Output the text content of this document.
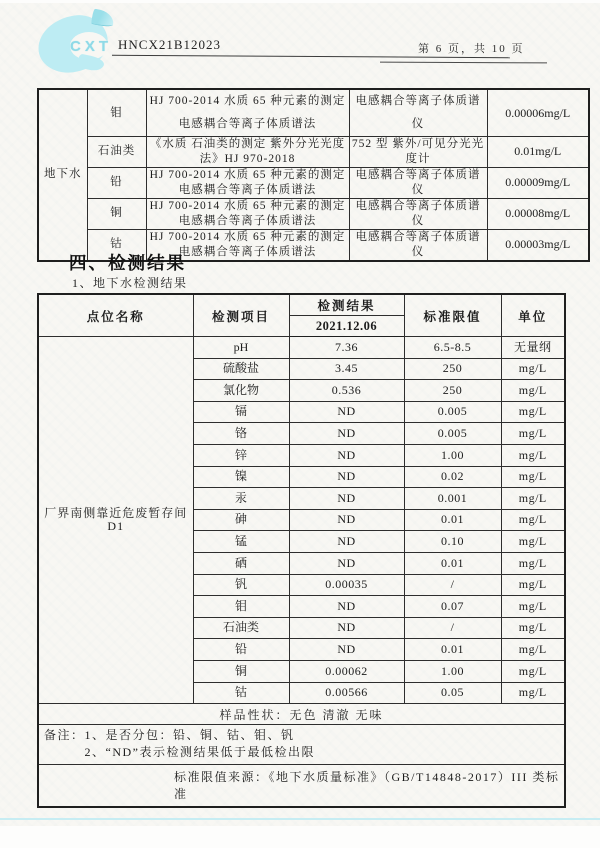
CXT HNCX21B12023	第 6 页，共 10 页
地下水	钼	HJ 700-2014 水质 65 种元素的测定 电感耦合等离子体质谱法	电感耦合等离子体质谱仪	0.00006mg/L
	石油类	《水质 石油类的测定 紫外分光光度法》HJ 970-2018	752 型 紫外/可见分光光度计	0.01mg/L
	铅	HJ 700-2014 水质 65 种元素的测定 电感耦合等离子体质谱法	电感耦合等离子体质谱仪	0.00009mg/L
	铜	HJ 700-2014 水质 65 种元素的测定 电感耦合等离子体质谱法	电感耦合等离子体质谱仪	0.00008mg/L
	钴	HJ 700-2014 水质 65 种元素的测定 电感耦合等离子体质谱法	电感耦合等离子体质谱仪	0.00003mg/L
四、检测结果
1、地下水检测结果
点位名称	检测项目	检测结果	标准限值	单位
		2021.12.06		
厂界南侧靠近危废暂存间
D1	pH	7.36	6.5-8.5	无量纲
	硫酸盐	3.45	250	mg/L
	氯化物	0.536	250	mg/L
	镉	ND	0.005	mg/L
	铬	ND	0.005	mg/L
	锌	ND	1.00	mg/L
	镍	ND	0.02	mg/L
	汞	ND	0.001	mg/L
	砷	ND	0.01	mg/L
	锰	ND	0.10	mg/L
	硒	ND	0.01	mg/L
	钒	0.00035	/	mg/L
	钼	ND	0.07	mg/L
	石油类	ND	/	mg/L
	铅	ND	0.01	mg/L
	铜	0.00062	1.00	mg/L
	钴	0.00566	0.05	mg/L
样品性状：无色 清澈 无味				

备注： 1、是否分包：铅、铜、钴、钼、钒
2、“ND”表示检测结果低于最低检出限				

标准限值来源：《地下水质量标准》（GB/T14848-2017）III 类标准				
